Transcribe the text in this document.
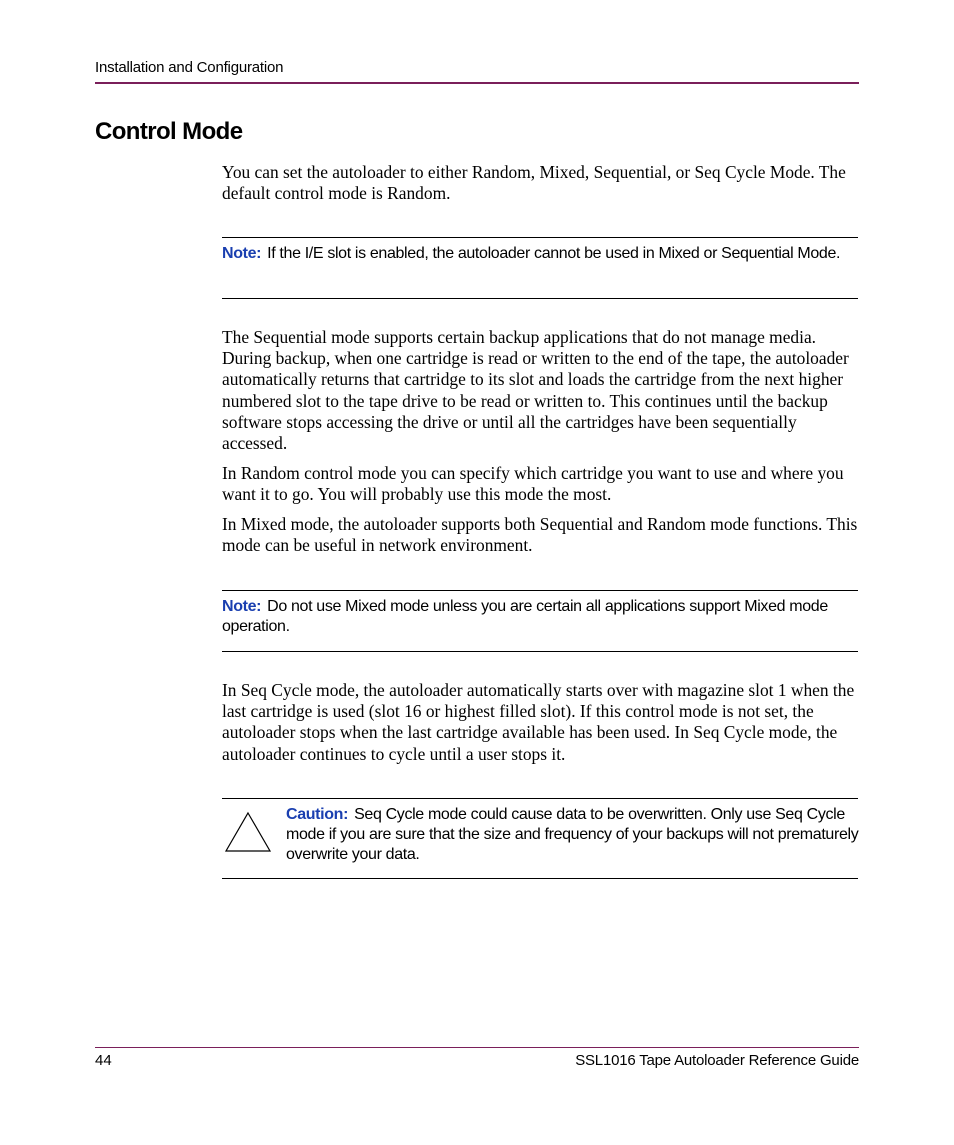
Installation and Configuration
Control Mode

You can set the autoloader to either Random, Mixed, Sequential, or Seq Cycle Mode. The default control mode is Random.

Note: If the I/E slot is enabled, the autoloader cannot be used in Mixed or Sequential Mode.

The Sequential mode supports certain backup applications that do not manage media. During backup, when one cartridge is read or written to the end of the tape, the autoloader automatically returns that cartridge to its slot and loads the cartridge from the next higher numbered slot to the tape drive to be read or written to. This continues until the backup software stops accessing the drive or until all the cartridges have been sequentially accessed.

In Random control mode you can specify which cartridge you want to use and where you want it to go. You will probably use this mode the most.

In Mixed mode, the autoloader supports both Sequential and Random mode functions. This mode can be useful in network environment.

Note: Do not use Mixed mode unless you are certain all applications support Mixed mode operation.

In Seq Cycle mode, the autoloader automatically starts over with magazine slot 1 when the last cartridge is used (slot 16 or highest filled slot). If this control mode is not set, the autoloader stops when the last cartridge available has been used. In Seq Cycle mode, the autoloader continues to cycle until a user stops it.

Caution: Seq Cycle mode could cause data to be overwritten. Only use Seq Cycle mode if you are sure that the size and frequency of your backups will not prematurely overwrite your data.
44	SSL1016 Tape Autoloader Reference Guide
